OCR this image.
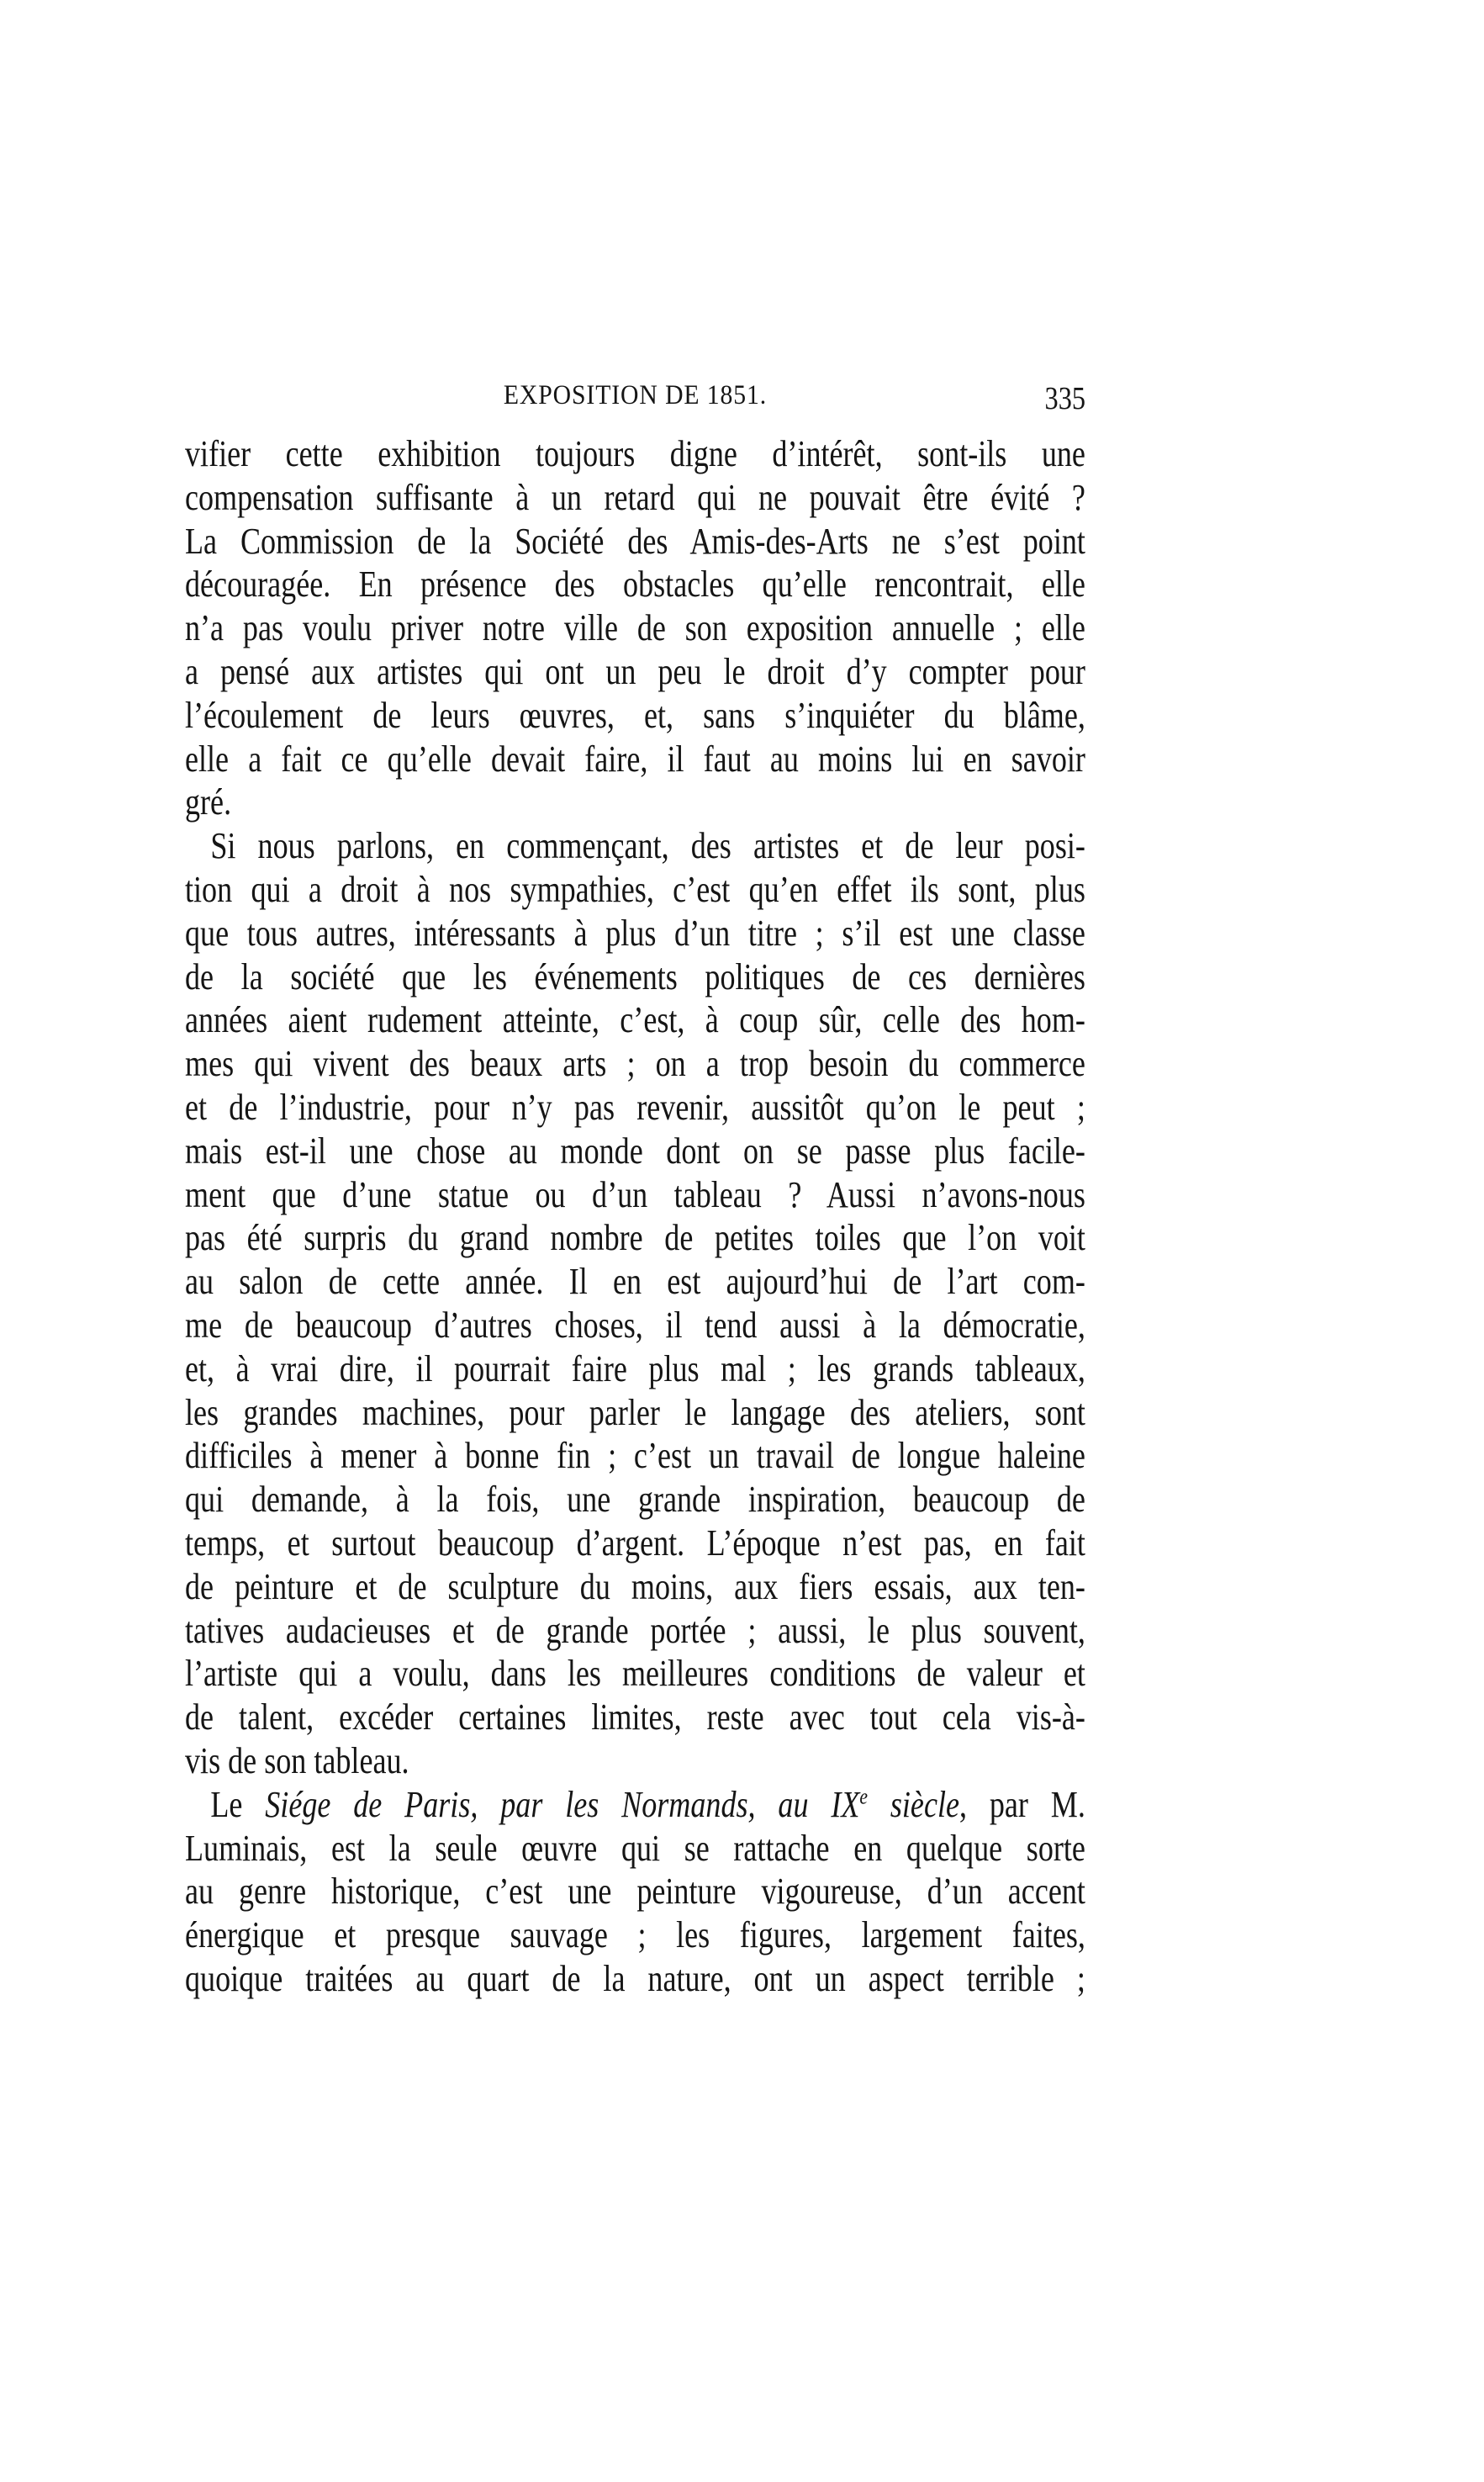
EXPOSITION DE 1851.	335
vifier cette exhibition toujours digne d’intérêt, sont-ils une
compensation suffisante à un retard qui ne pouvait être évité ?
La Commission de la Société des Amis-des-Arts ne s’est point
découragée. En présence des obstacles qu’elle rencontrait, elle
n’a pas voulu priver notre ville de son exposition annuelle ; elle
a pensé aux artistes qui ont un peu le droit d’y compter pour
l’écoulement de leurs œuvres, et, sans s’inquiéter du blâme,
elle a fait ce qu’elle devait faire, il faut au moins lui en savoir
gré.
Si nous parlons, en commençant, des artistes et de leur posi-
tion qui a droit à nos sympathies, c’est qu’en effet ils sont, plus
que tous autres, intéressants à plus d’un titre ; s’il est une classe
de la société que les événements politiques de ces dernières
années aient rudement atteinte, c’est, à coup sûr, celle des hom-
mes qui vivent des beaux arts ; on a trop besoin du commerce
et de l’industrie, pour n’y pas revenir, aussitôt qu’on le peut ;
mais est-il une chose au monde dont on se passe plus facile-
ment que d’une statue ou d’un tableau ? Aussi n’avons-nous
pas été surpris du grand nombre de petites toiles que l’on voit
au salon de cette année. Il en est aujourd’hui de l’art com-
me de beaucoup d’autres choses, il tend aussi à la démocratie,
et, à vrai dire, il pourrait faire plus mal ; les grands tableaux,
les grandes machines, pour parler le langage des ateliers, sont
difficiles à mener à bonne fin ; c’est un travail de longue haleine
qui demande, à la fois, une grande inspiration, beaucoup de
temps, et surtout beaucoup d’argent. L’époque n’est pas, en fait
de peinture et de sculpture du moins, aux fiers essais, aux ten-
tatives audacieuses et de grande portée ; aussi, le plus souvent,
l’artiste qui a voulu, dans les meilleures conditions de valeur et
de talent, excéder certaines limites, reste avec tout cela vis-à-
vis de son tableau.
Le Siége de Paris, par les Normands, au IXe siècle, par M.
Luminais, est la seule œuvre qui se rattache en quelque sorte
au genre historique, c’est une peinture vigoureuse, d’un accent
énergique et presque sauvage ; les figures, largement faites,
quoique traitées au quart de la nature, ont un aspect terrible ;
